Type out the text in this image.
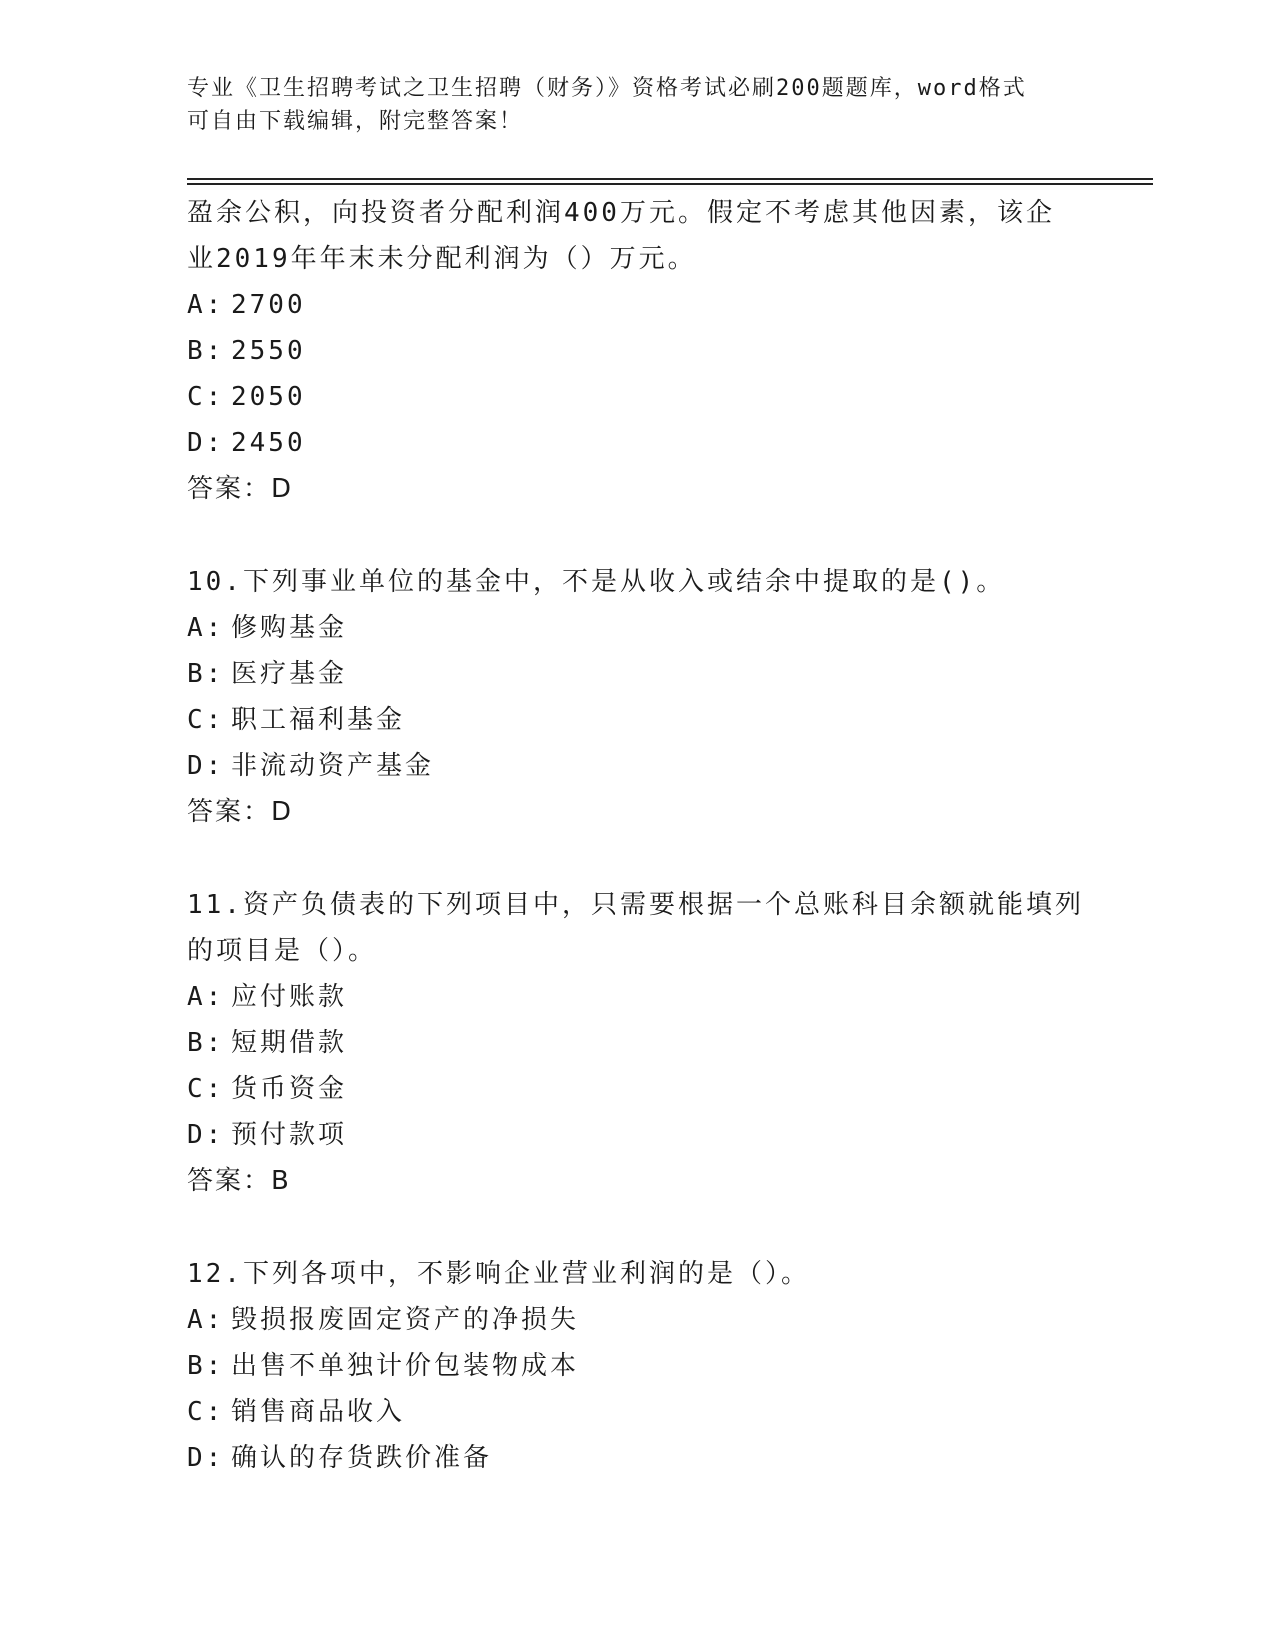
专业《卫生招聘考试之卫生招聘（财务）》资格考试必刷200题题库，word格式
可自由下载编辑，附完整答案！
盈余公积，向投资者分配利润400万元。假定不考虑其他因素，该企
业2019年年末未分配利润为（）万元。
A: 2700
B: 2550
C: 2050
D: 2450
答案：D
10.下列事业单位的基金中，不是从收入或结余中提取的是()。
A: 修购基金
B: 医疗基金
C: 职工福利基金
D: 非流动资产基金
答案：D
11.资产负债表的下列项目中，只需要根据一个总账科目余额就能填列
的项目是（）。
A: 应付账款
B: 短期借款
C: 货币资金
D: 预付款项
答案：B
12.下列各项中，不影响企业营业利润的是（）。
A: 毁损报废固定资产的净损失
B: 出售不单独计价包装物成本
C: 销售商品收入
D: 确认的存货跌价准备
